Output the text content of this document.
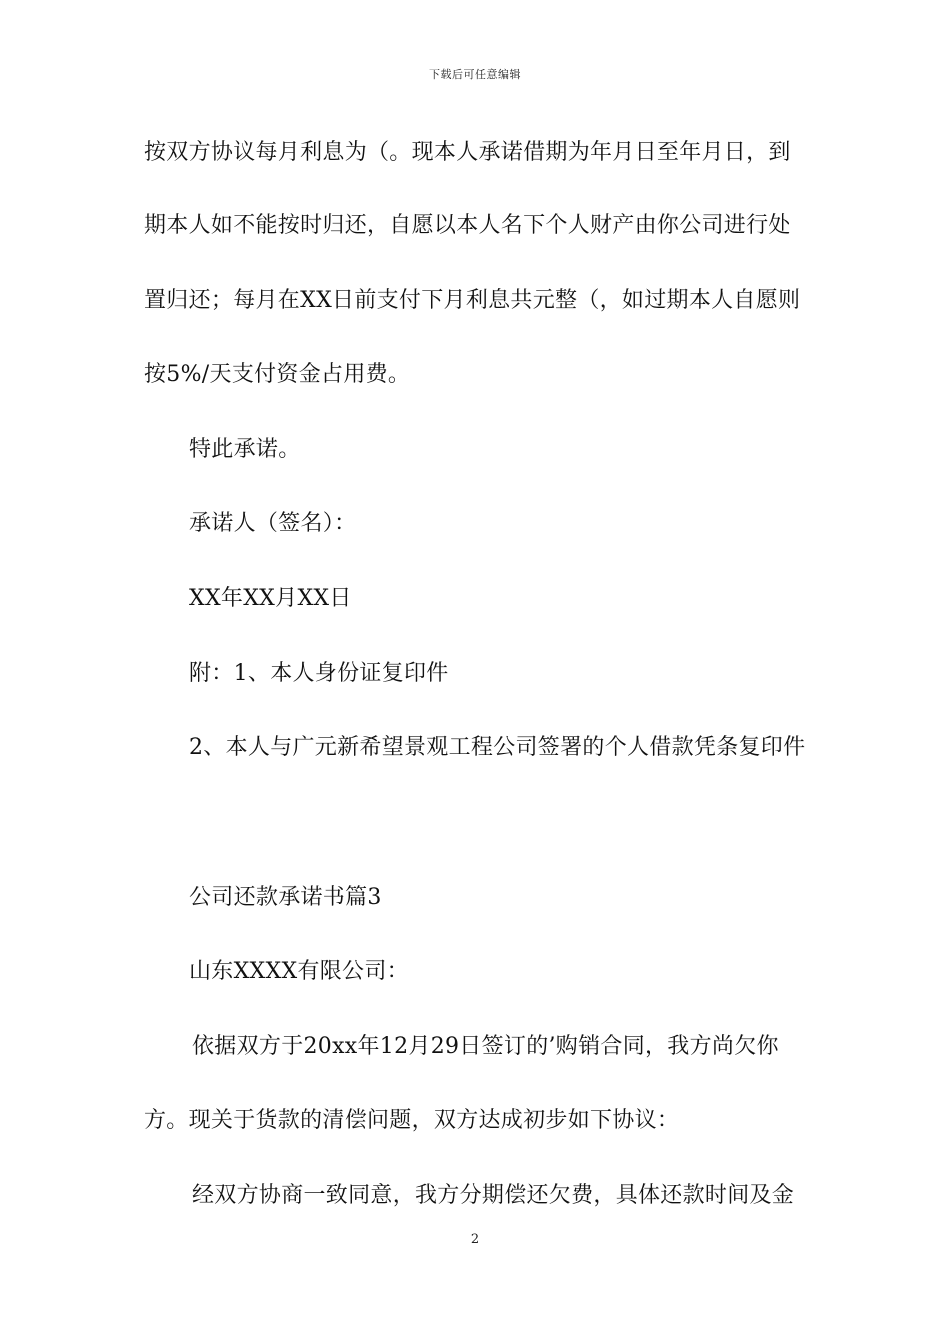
下载后可任意编辑
按双方协议每月利息为（。现本人承诺借期为年月日至年月日，到
期本人如不能按时归还，自愿以本人名下个人财产由你公司进行处
置归还；每月在XX日前支付下月利息共元整（，如过期本人自愿则
按5%/天支付资金占用费。
特此承诺。
承诺人（签名）：
XX年XX月XX日
附：1、本人身份证复印件
2、本人与广元新希望景观工程公司签署的个人借款凭条复印件
公司还款承诺书篇3
山东XXXX有限公司：
依据双方于20xx年12月29日签订的’购销合同，我方尚欠你
方。现关于货款的清偿问题，双方达成初步如下协议：
经双方协商一致同意，我方分期偿还欠费，具体还款时间及金
2
